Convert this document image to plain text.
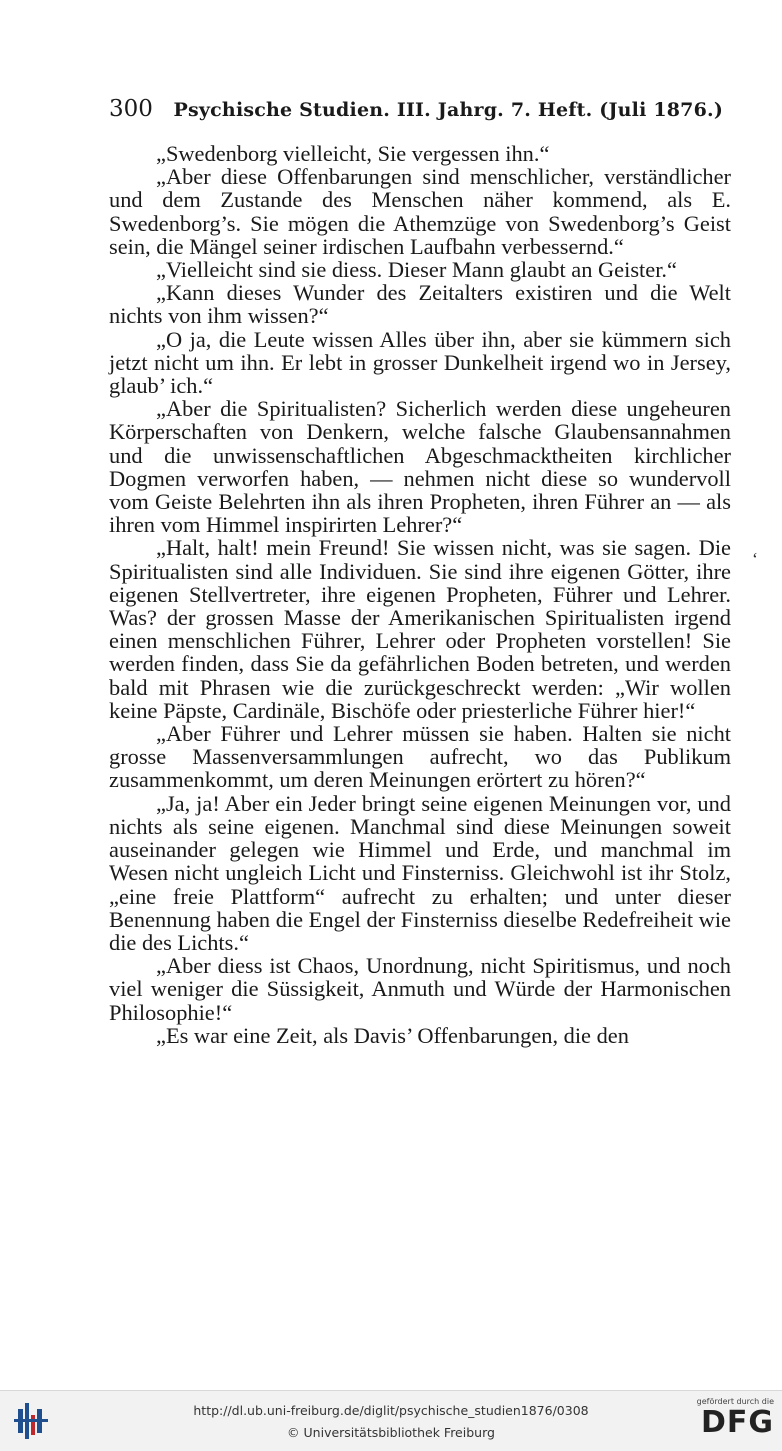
300 Psychische Studien. III. Jahrg. 7. Heft. (Juli 1876.)

„Swedenborg vielleicht, Sie vergessen ihn.“

„Aber diese Offenbarungen sind menschlicher, verständlicher und dem Zustande des Menschen näher kommend, als E. Swedenborg’s. Sie mögen die Athemzüge von Swedenborg’s Geist sein, die Mängel seiner irdischen Laufbahn verbessernd.“

„Vielleicht sind sie diess. Dieser Mann glaubt an Geister.“

„Kann dieses Wunder des Zeitalters existiren und die Welt nichts von ihm wissen?“

„O ja, die Leute wissen Alles über ihn, aber sie kümmern sich jetzt nicht um ihn. Er lebt in grosser Dunkelheit irgend wo in Jersey, glaub’ ich.“

„Aber die Spiritualisten? Sicherlich werden diese ungeheuren Körperschaften von Denkern, welche falsche Glaubensannahmen und die unwissenschaftlichen Abgeschmacktheiten kirchlicher Dogmen verworfen haben, — nehmen nicht diese so wundervoll vom Geiste Belehrten ihn als ihren Propheten, ihren Führer an — als ihren vom Himmel inspirirten Lehrer?“

„Halt, halt! mein Freund! Sie wissen nicht, was sie sagen. Die Spiritualisten sind alle Individuen. Sie sind ihre eigenen Götter, ihre eigenen Stellvertreter, ihre eigenen Propheten, Führer und Lehrer. Was? der grossen Masse der Amerikanischen Spiritualisten irgend einen menschlichen Führer, Lehrer oder Propheten vorstellen! Sie werden finden, dass Sie da gefährlichen Boden betreten, und werden bald mit Phrasen wie die zurückgeschreckt werden: „Wir wollen keine Päpste, Cardinäle, Bischöfe oder priesterliche Führer hier!“

„Aber Führer und Lehrer müssen sie haben. Halten sie nicht grosse Massenversammlungen aufrecht, wo das Publikum zusammenkommt, um deren Meinungen erörtert zu hören?“

„Ja, ja! Aber ein Jeder bringt seine eigenen Meinungen vor, und nichts als seine eigenen. Manchmal sind diese Meinungen soweit auseinander gelegen wie Himmel und Erde, und manchmal im Wesen nicht ungleich Licht und Finsterniss. Gleichwohl ist ihr Stolz, „eine freie Plattform“ aufrecht zu erhalten; und unter dieser Benennung haben die Engel der Finsterniss dieselbe Redefreiheit wie die des Lichts.“

„Aber diess ist Chaos, Unordnung, nicht Spiritismus, und noch viel weniger die Süssigkeit, Anmuth und Würde der Harmonischen Philosophie!“

„Es war eine Zeit, als Davis’ Offenbarungen, die den

‘
http://dl.ub.uni-freiburg.de/diglit/psychische_studien1876/0308
© Universitätsbibliothek Freiburg
gefördert durch die
DFG
